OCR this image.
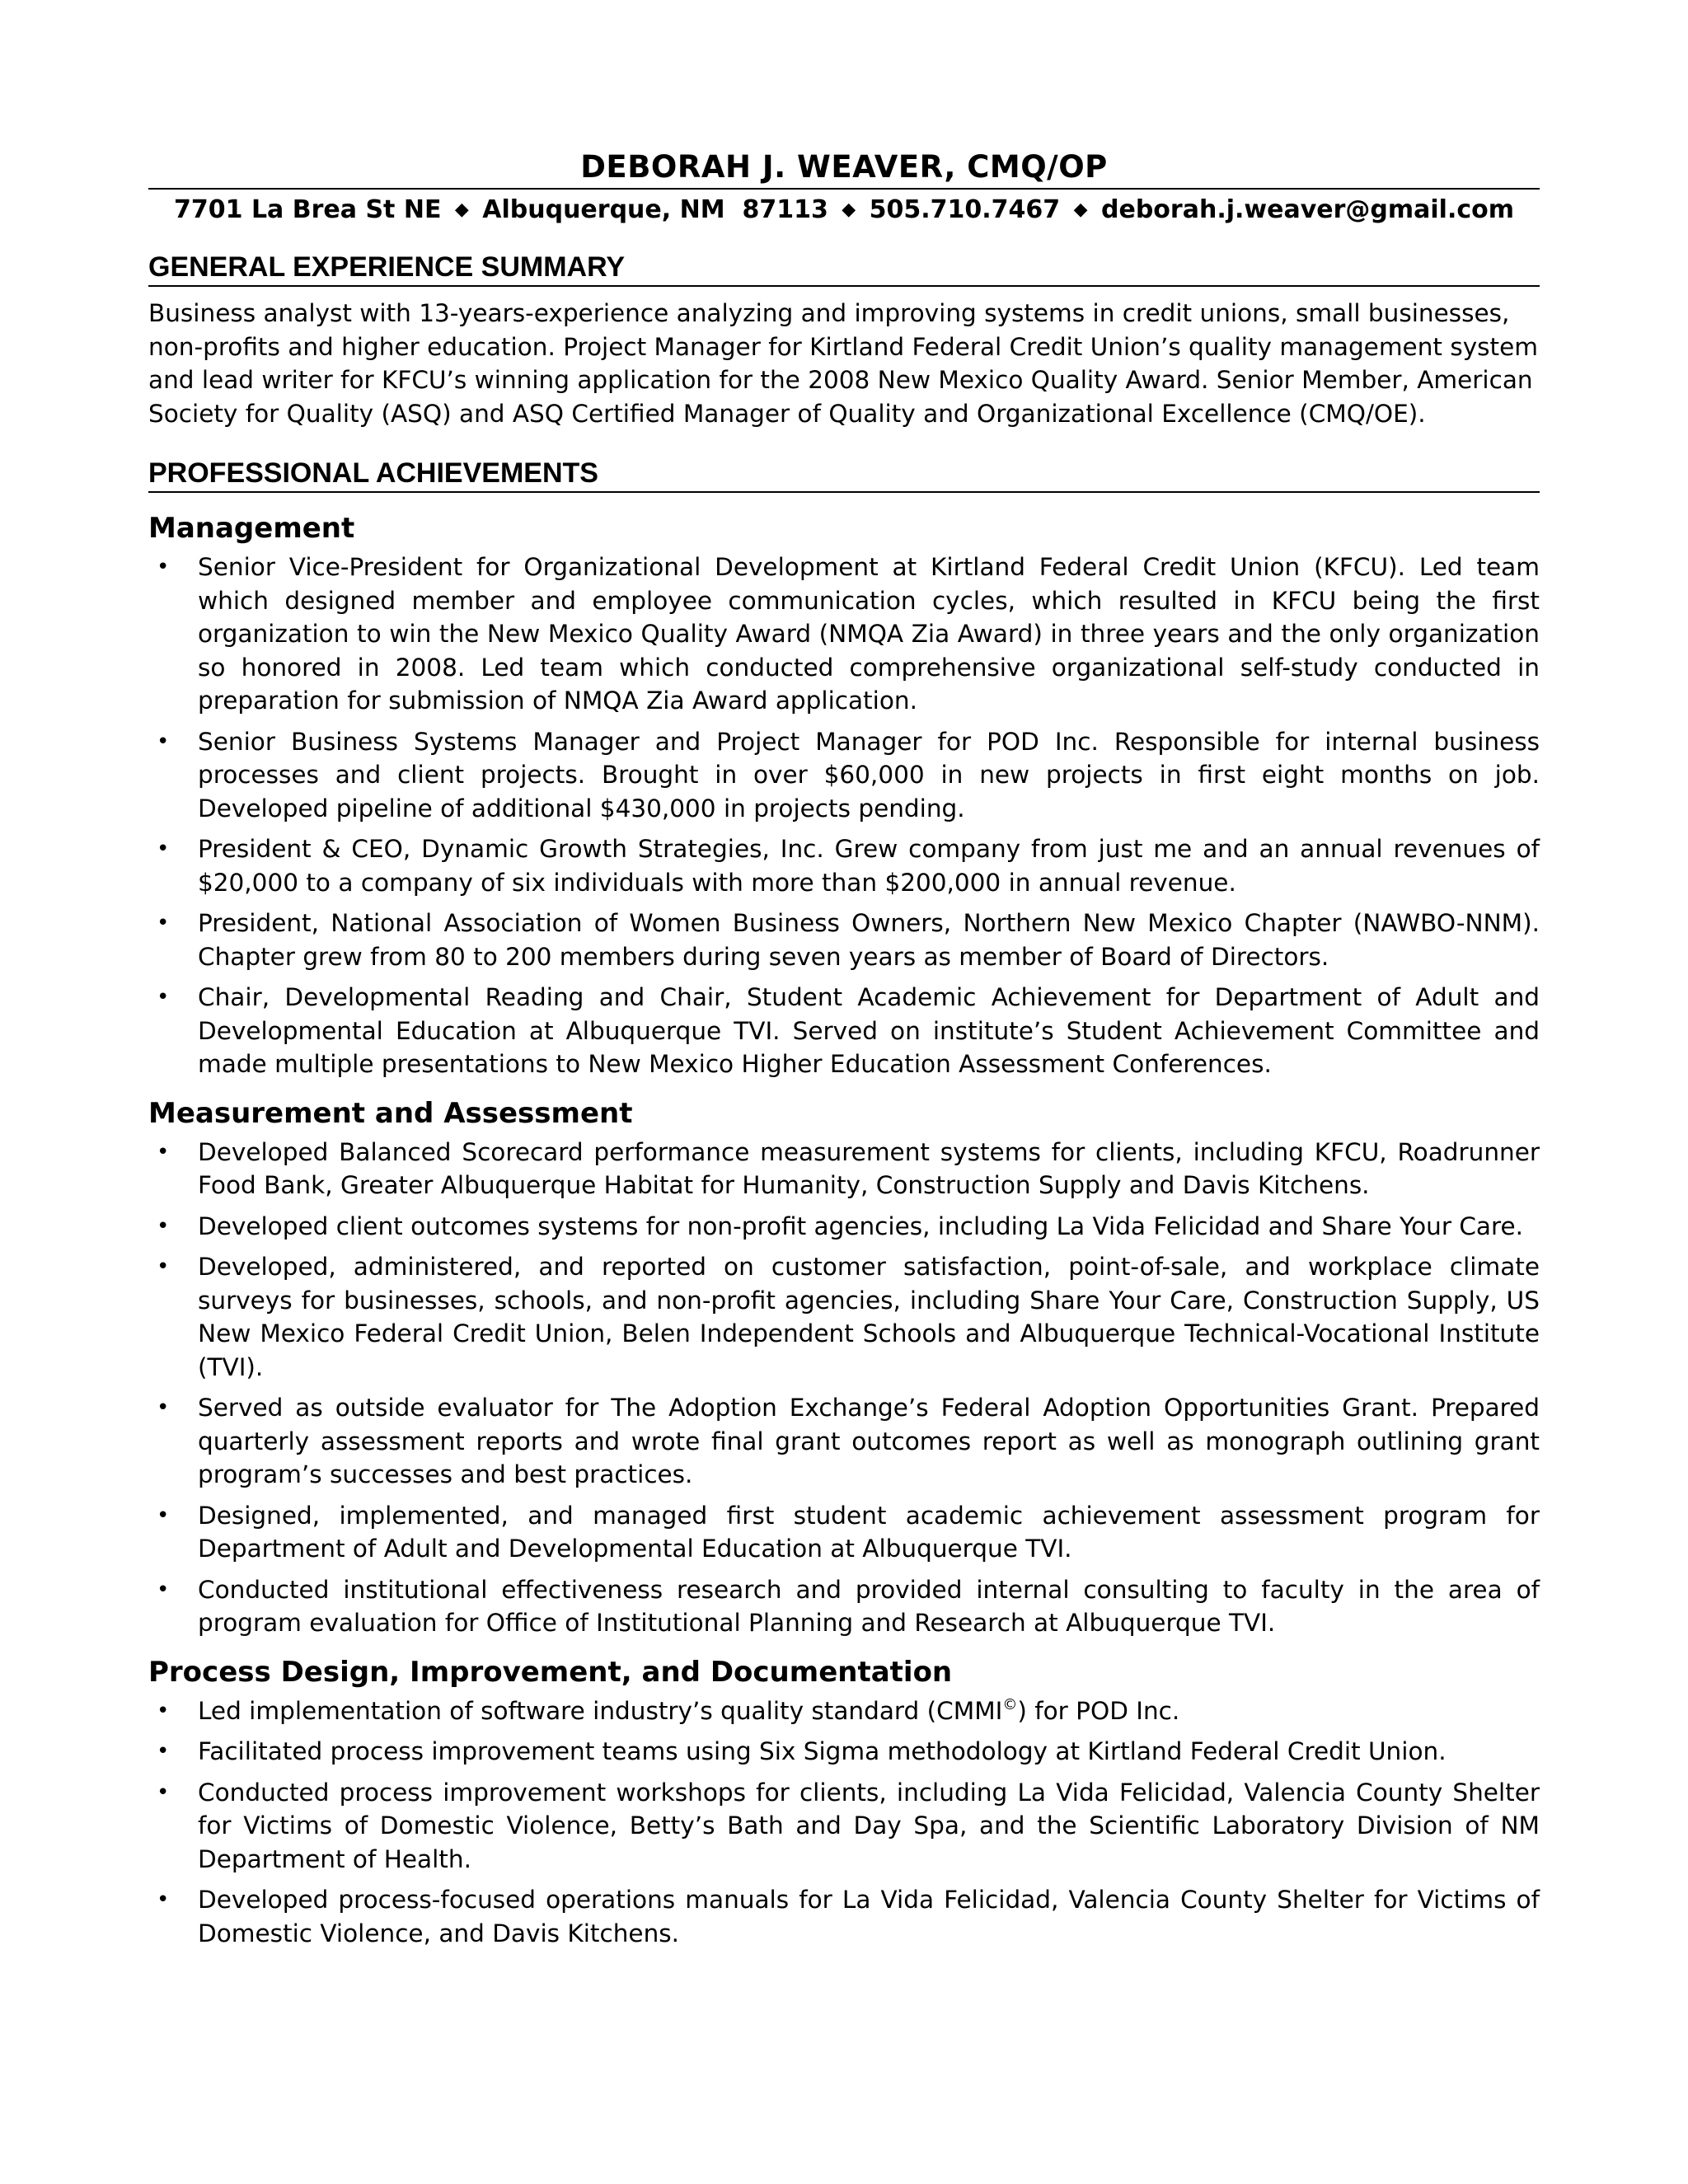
DEBORAH J. WEAVER, CMQ/OP
7701 La Brea St NE ◆ Albuquerque, NM  87113 ◆ 505.710.7467 ◆ deborah.j.weaver@gmail.com
GENERAL EXPERIENCE SUMMARY
Business analyst with 13-years-experience analyzing and improving systems in credit unions, small businesses, non-profits and higher education. Project Manager for Kirtland Federal Credit Union’s quality management system and lead writer for KFCU’s winning application for the 2008 New Mexico Quality Award. Senior Member, American Society for Quality (ASQ) and ASQ Certified Manager of Quality and Organizational Excellence (CMQ/OE).
PROFESSIONAL ACHIEVEMENTS
Management
• Senior Vice-President for Organizational Development at Kirtland Federal Credit Union (KFCU). Led team which designed member and employee communication cycles, which resulted in KFCU being the first organization to win the New Mexico Quality Award (NMQA Zia Award) in three years and the only organization so honored in 2008. Led team which conducted comprehensive organizational self-study conducted in preparation for submission of NMQA Zia Award application.
• Senior Business Systems Manager and Project Manager for POD Inc. Responsible for internal business processes and client projects. Brought in over $60,000 in new projects in first eight months on job. Developed pipeline of additional $430,000 in projects pending.
• President & CEO, Dynamic Growth Strategies, Inc. Grew company from just me and an annual revenues of $20,000 to a company of six individuals with more than $200,000 in annual revenue.
• President, National Association of Women Business Owners, Northern New Mexico Chapter (NAWBO-NNM). Chapter grew from 80 to 200 members during seven years as member of Board of Directors.
• Chair, Developmental Reading and Chair, Student Academic Achievement for Department of Adult and Developmental Education at Albuquerque TVI. Served on institute’s Student Achievement Committee and made multiple presentations to New Mexico Higher Education Assessment Conferences.
Measurement and Assessment
• Developed Balanced Scorecard performance measurement systems for clients, including KFCU, Roadrunner Food Bank, Greater Albuquerque Habitat for Humanity, Construction Supply and Davis Kitchens.
• Developed client outcomes systems for non-profit agencies, including La Vida Felicidad and Share Your Care.
• Developed, administered, and reported on customer satisfaction, point-of-sale, and workplace climate surveys for businesses, schools, and non-profit agencies, including Share Your Care, Construction Supply, US New Mexico Federal Credit Union, Belen Independent Schools and Albuquerque Technical-Vocational Institute (TVI).
• Served as outside evaluator for The Adoption Exchange’s Federal Adoption Opportunities Grant. Prepared quarterly assessment reports and wrote final grant outcomes report as well as monograph outlining grant program’s successes and best practices.
• Designed, implemented, and managed first student academic achievement assessment program for Department of Adult and Developmental Education at Albuquerque TVI.
• Conducted institutional effectiveness research and provided internal consulting to faculty in the area of program evaluation for Office of Institutional Planning and Research at Albuquerque TVI.
Process Design, Improvement, and Documentation
• Led implementation of software industry’s quality standard (CMMI©) for POD Inc.
• Facilitated process improvement teams using Six Sigma methodology at Kirtland Federal Credit Union.
• Conducted process improvement workshops for clients, including La Vida Felicidad, Valencia County Shelter for Victims of Domestic Violence, Betty’s Bath and Day Spa, and the Scientific Laboratory Division of NM Department of Health.
• Developed process-focused operations manuals for La Vida Felicidad, Valencia County Shelter for Victims of Domestic Violence, and Davis Kitchens.
